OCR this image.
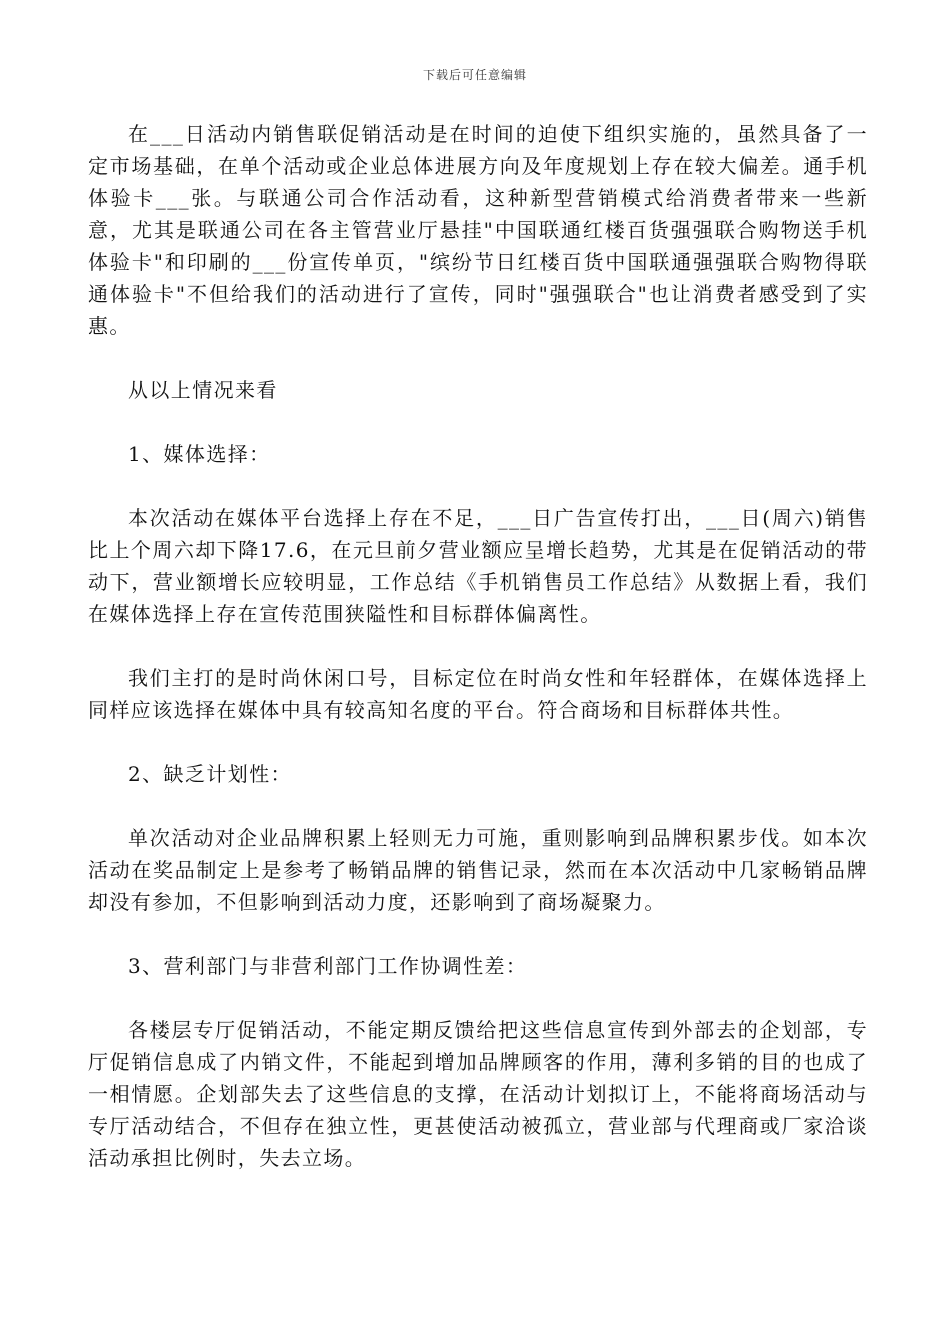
下载后可任意编辑

在___日活动内销售联促销活动是在时间的迫使下组织实施的，虽然具备了一定市场基础，在单个活动或企业总体进展方向及年度规划上存在较大偏差。通手机体验卡___张。与联通公司合作活动看，这种新型营销模式给消费者带来一些新意，尤其是联通公司在各主管营业厅悬挂"中国联通红楼百货强强联合购物送手机体验卡"和印刷的___份宣传单页，"缤纷节日红楼百货中国联通强强联合购物得联通体验卡"不但给我们的活动进行了宣传，同时"强强联合"也让消费者感受到了实惠。

从以上情况来看

1、媒体选择：

本次活动在媒体平台选择上存在不足，___日广告宣传打出，___日(周六)销售比上个周六却下降17.6，在元旦前夕营业额应呈增长趋势，尤其是在促销活动的带动下，营业额增长应较明显，工作总结《手机销售员工作总结》从数据上看，我们在媒体选择上存在宣传范围狭隘性和目标群体偏离性。

我们主打的是时尚休闲口号，目标定位在时尚女性和年轻群体，在媒体选择上同样应该选择在媒体中具有较高知名度的平台。符合商场和目标群体共性。

2、缺乏计划性：

单次活动对企业品牌积累上轻则无力可施，重则影响到品牌积累步伐。如本次活动在奖品制定上是参考了畅销品牌的销售记录，然而在本次活动中几家畅销品牌却没有参加，不但影响到活动力度，还影响到了商场凝聚力。

3、营利部门与非营利部门工作协调性差：

各楼层专厅促销活动，不能定期反馈给把这些信息宣传到外部去的企划部，专厅促销信息成了内销文件，不能起到增加品牌顾客的作用，薄利多销的目的也成了一相情愿。企划部失去了这些信息的支撑，在活动计划拟订上，不能将商场活动与专厅活动结合，不但存在独立性，更甚使活动被孤立，营业部与代理商或厂家洽谈活动承担比例时，失去立场。
